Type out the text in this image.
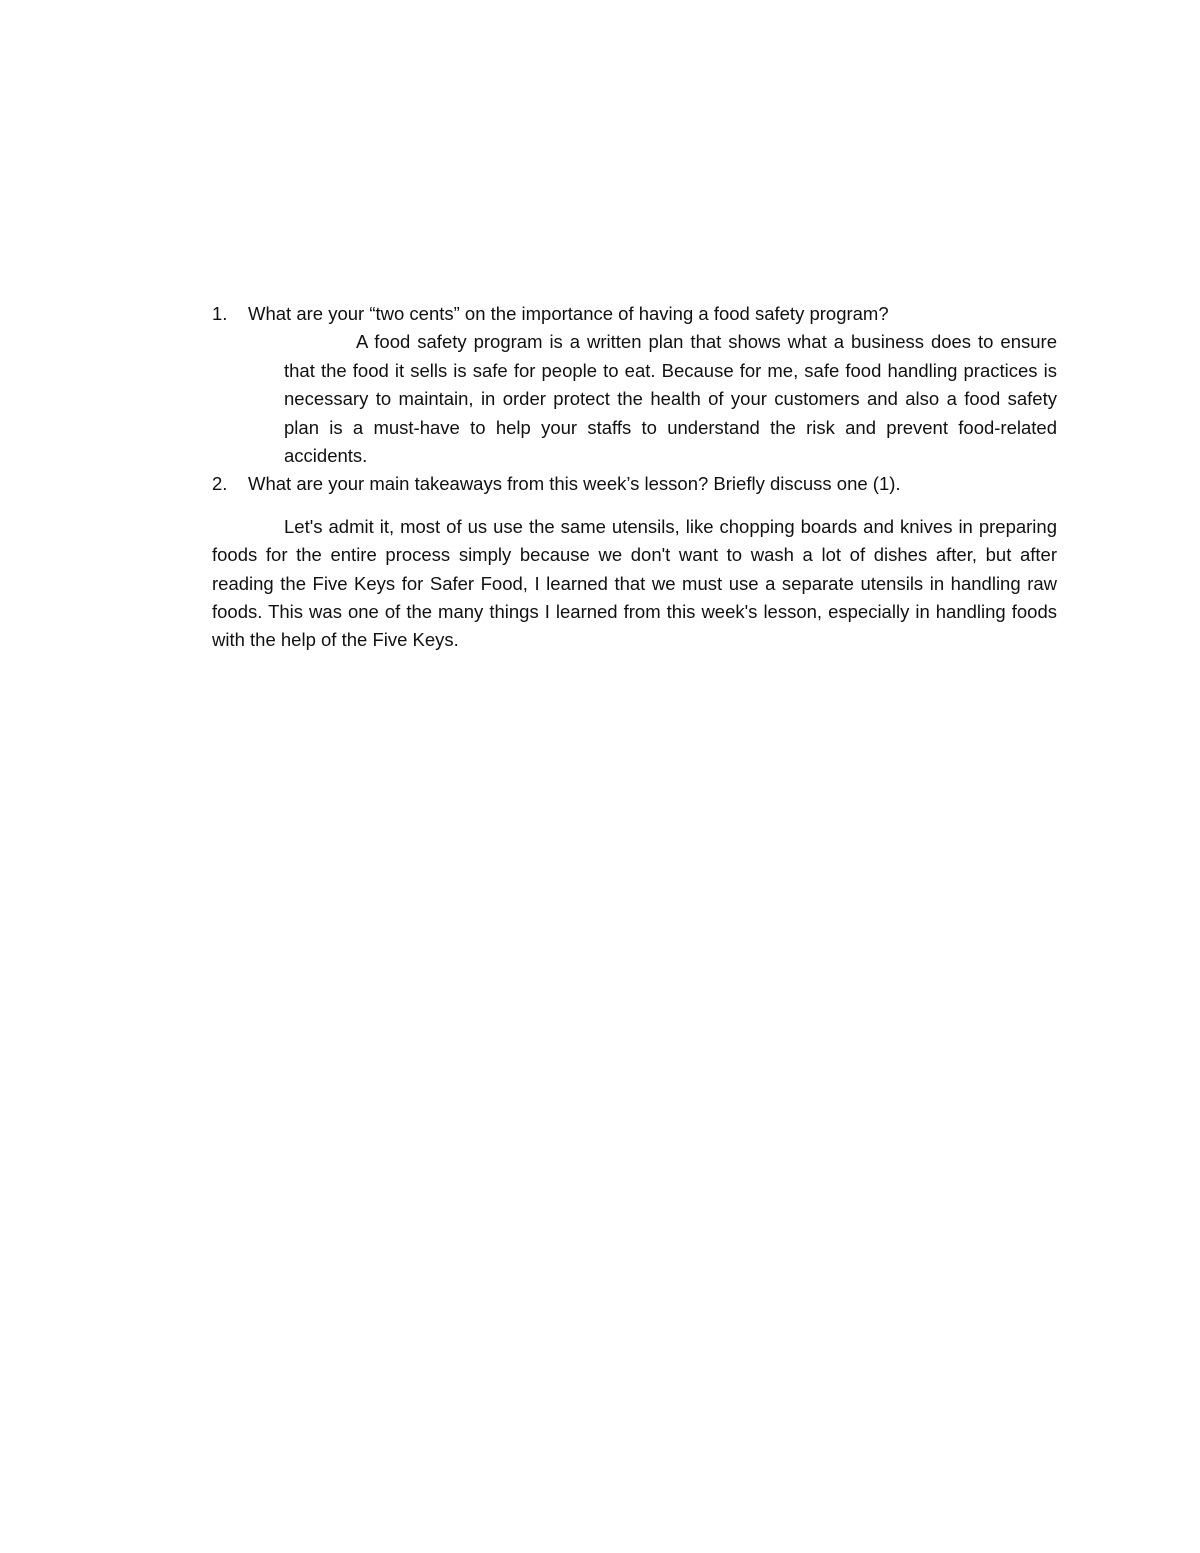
1.	What are your “two cents” on the importance of having a food safety program?
A food safety program is a written plan that shows what a business does to ensure that the food it sells is safe for people to eat. Because for me, safe food handling practices is necessary to maintain, in order protect the health of your customers and also a food safety plan is a must-have to help your staffs to understand the risk and prevent food-related accidents.
2.	What are your main takeaways from this week’s lesson? Briefly discuss one (1).
Let's admit it, most of us use the same utensils, like chopping boards and knives in preparing foods for the entire process simply because we don't want to wash a lot of dishes after, but after reading the Five Keys for Safer Food, I learned that we must use a separate utensils in handling raw foods. This was one of the many things I learned from this week's lesson, especially in handling foods with the help of the Five Keys.
